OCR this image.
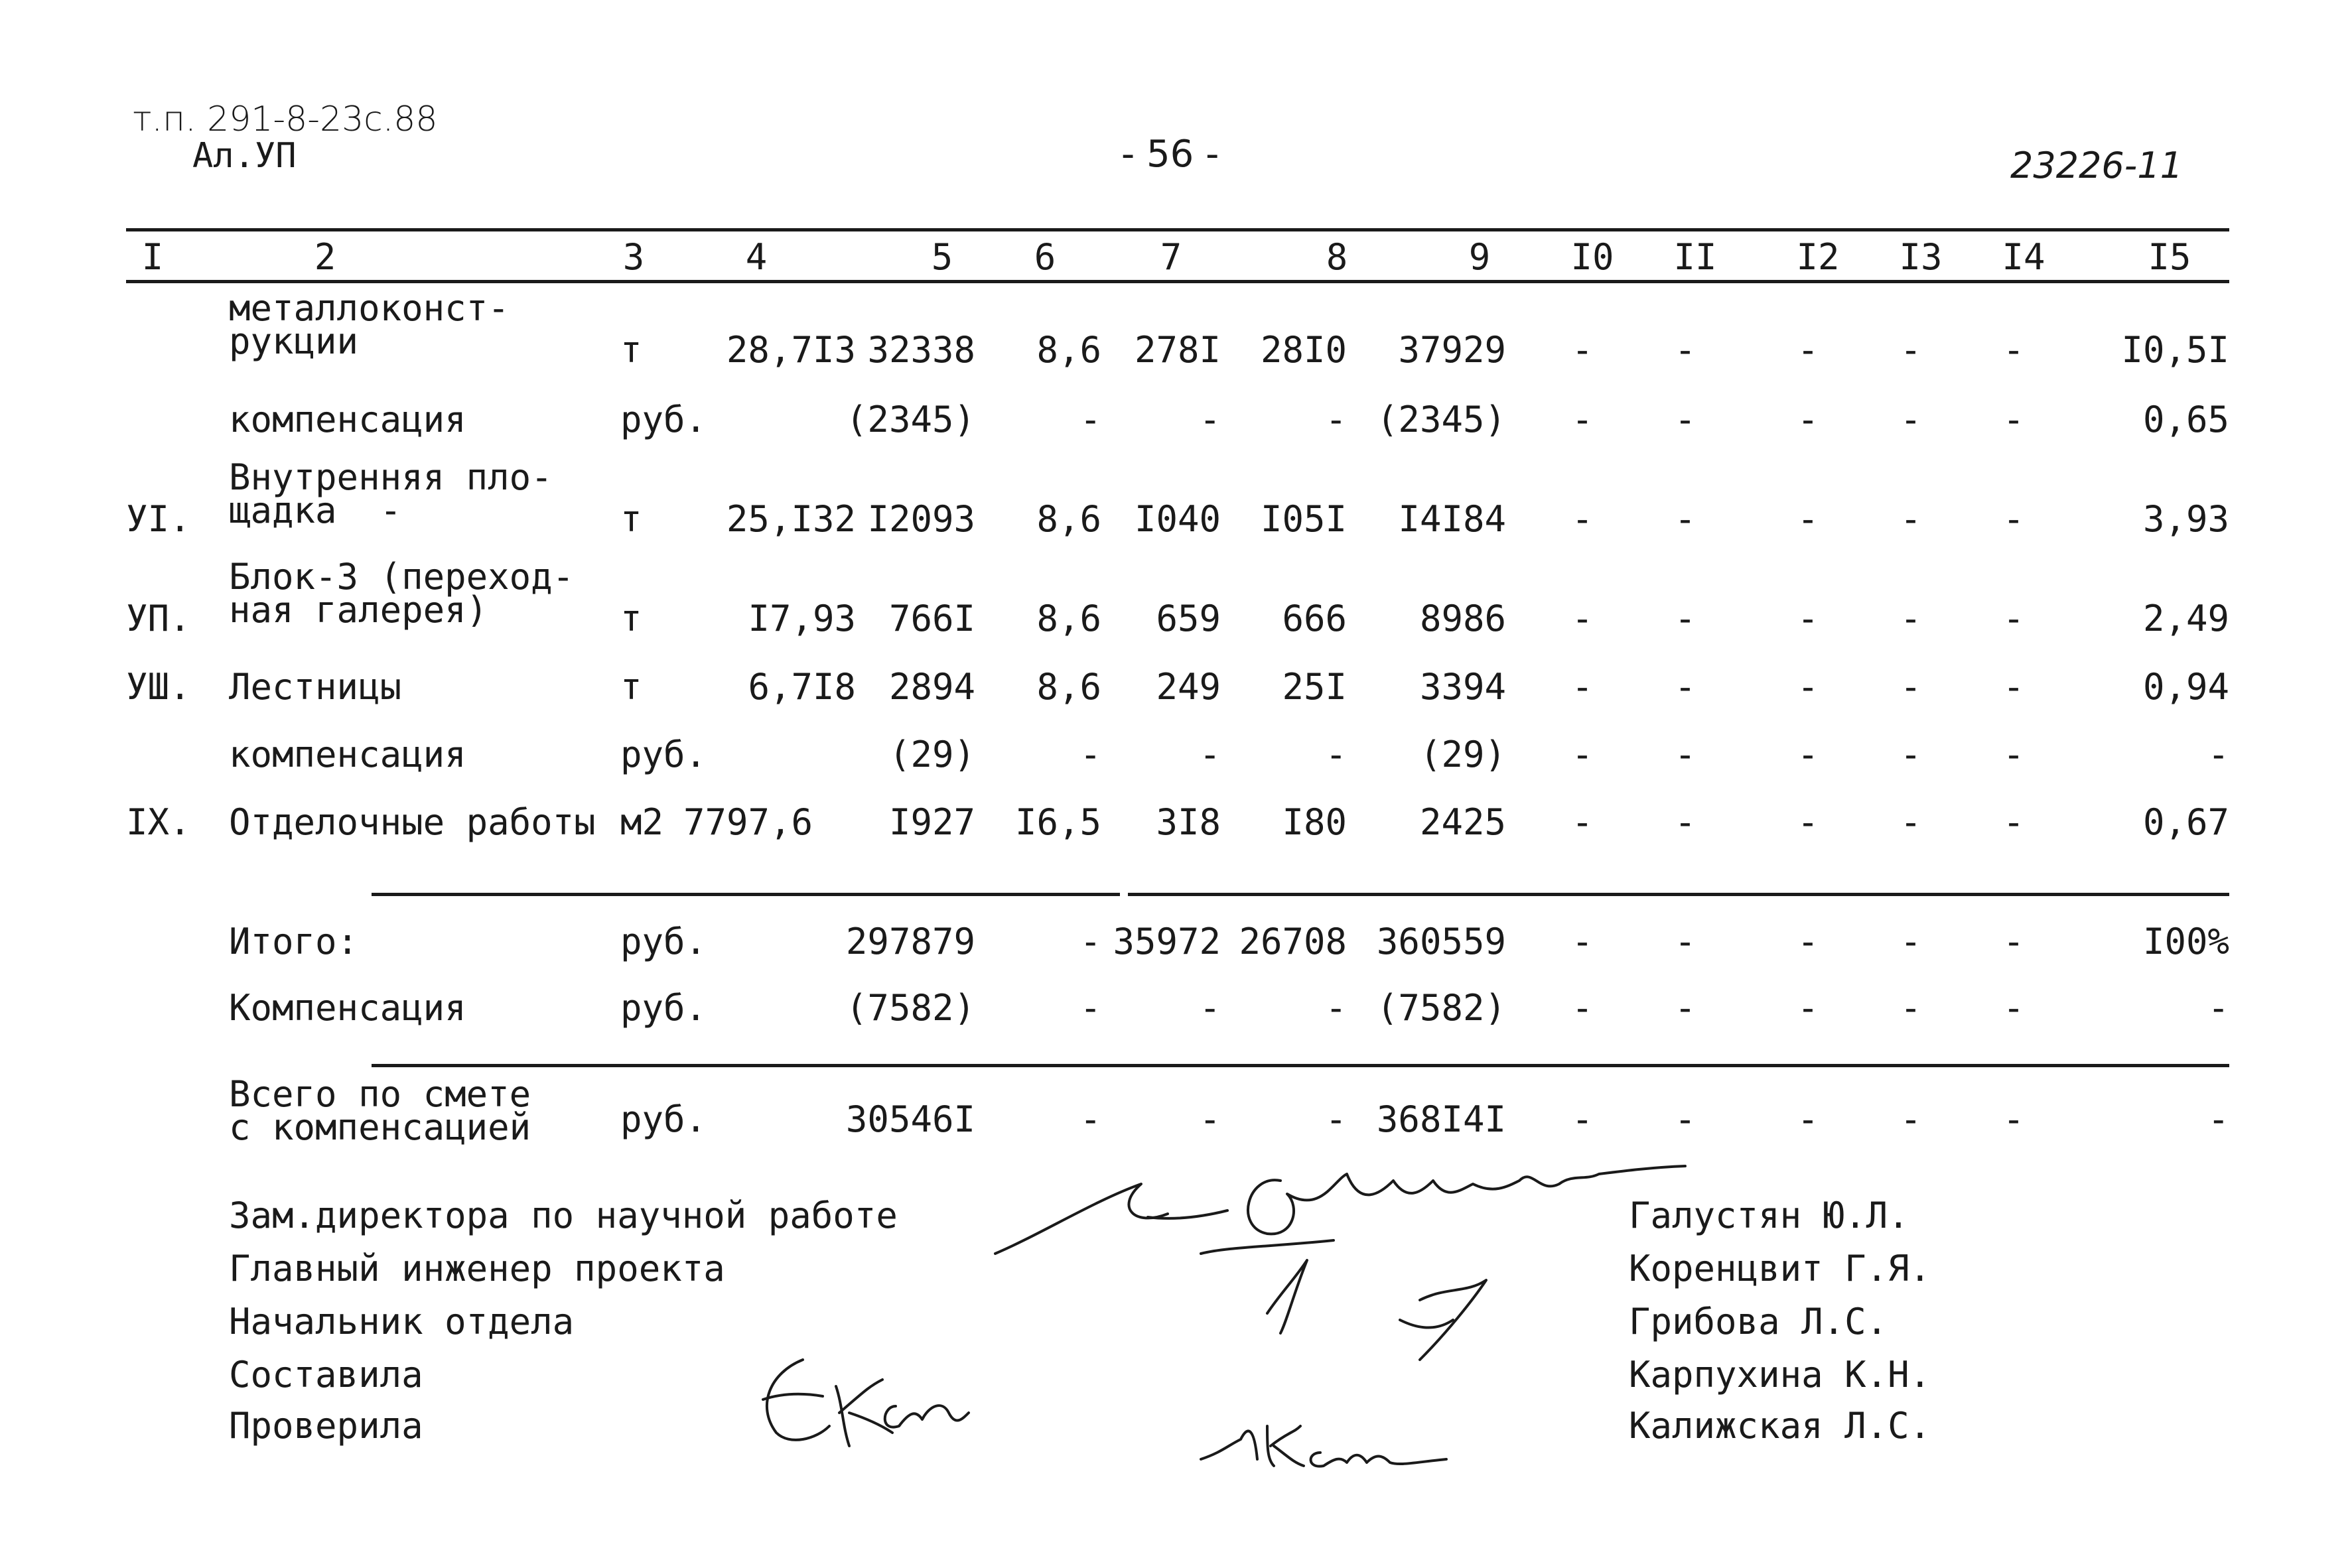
т.п. 291-8-23с.88
Ал.УП	- 56 -	23226-11
I	2	3	4	5 6	7	8	9 I0 II I2 I3 I4	I5
металлоконст-
рукции	т	28,7I3 32338	8,6 278I	28I0	37929	-	-	-	-	-	I0,5I
компенсация	руб.	(2345)	-	-	- (2345)	-	-	-	-	-	0,65
УI.
Внутренняя пло-
щадка  -	т	25,I32 I2093	8,6 I040	I05I	I4I84	-	-	-	-	-	3,93
УП.
Блок-3 (переход-
ная галерея)	т	I7,93 766I	8,6	659	666	8986	-	-	-	-	-	2,49
УШ. Лестницы	т	6,7I8 2894	8,6	249	25I	3394	-	-	-	-	-	0,94
компенсация	руб.	(29)	-	-	-	(29)	-	-	-	-	-	-
IX. Отделочные работы м2 7797,6	I927	I6,5	3I8	I80	2425	-	-	-	-	-	0,67
Итого:	руб.	297879	- 35972 26708 360559	-	-	-	-	-	I00%
Компенсация	руб.	(7582)	-	-	- (7582)	-	-	-	-	-	-
Всего по смете
с компенсацией руб.	30546I	-	-	- 368I4I	-	-	-	-	-	-
Зам.директора по научной работе	Галустян Ю.Л.
Главный инженер проекта	Коренцвит Г.Я.
Начальник отдела	Грибова Л.С.
Составила	Карпухина К.Н.
Проверила	Калижская Л.С.
